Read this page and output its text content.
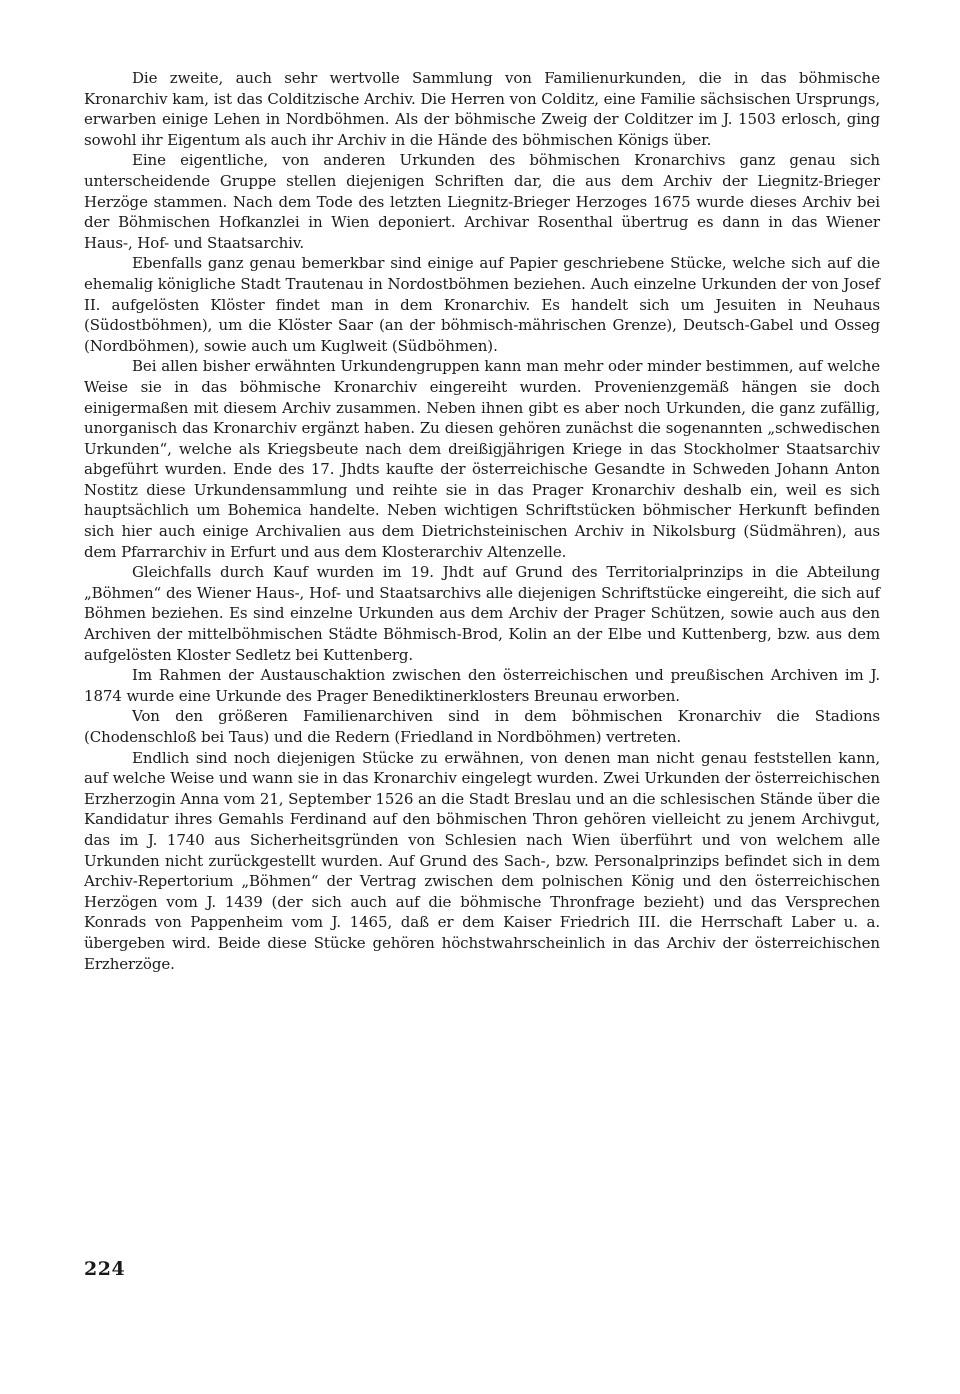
Die zweite, auch sehr wertvolle Sammlung von Familienurkunden, die in das böhmische Kronarchiv kam, ist das Colditzische Archiv. Die Herren von Colditz, eine Familie sächsischen Ursprungs, erwarben einige Lehen in Nordböhmen. Als der böhmische Zweig der Colditzer im J. 1503 erlosch, ging sowohl ihr Eigentum als auch ihr Archiv in die Hände des böhmischen Königs über.

Eine eigentliche, von anderen Urkunden des böhmischen Kronarchivs ganz genau sich unterscheidende Gruppe stellen diejenigen Schriften dar, die aus dem Archiv der Liegnitz-Brieger Herzöge stammen. Nach dem Tode des letzten Liegnitz-Brieger Herzoges 1675 wurde dieses Archiv bei der Böhmischen Hofkanzlei in Wien deponiert. Archivar Rosenthal übertrug es dann in das Wiener Haus-, Hof- und Staatsarchiv.

Ebenfalls ganz genau bemerkbar sind einige auf Papier geschriebene Stücke, welche sich auf die ehemalig königliche Stadt Trautenau in Nordostböhmen beziehen. Auch einzelne Urkunden der von Josef II. aufgelösten Klöster findet man in dem Kronarchiv. Es handelt sich um Jesuiten in Neuhaus (Südostböhmen), um die Klöster Saar (an der böhmisch-mährischen Grenze), Deutsch-Gabel und Osseg (Nordböhmen), sowie auch um Kuglweit (Südböhmen).

Bei allen bisher erwähnten Urkundengruppen kann man mehr oder minder bestimmen, auf welche Weise sie in das böhmische Kronarchiv eingereiht wurden. Provenienzgemäß hängen sie doch einigermaßen mit diesem Archiv zusammen. Neben ihnen gibt es aber noch Urkunden, die ganz zufällig, unorganisch das Kronarchiv ergänzt haben. Zu diesen gehören zunächst die sogenannten „schwedischen Urkunden“, welche als Kriegsbeute nach dem dreißigjährigen Kriege in das Stockholmer Staatsarchiv abgeführt wurden. Ende des 17. Jhdts kaufte der österreichische Gesandte in Schweden Johann Anton Nostitz diese Urkundensammlung und reihte sie in das Prager Kronarchiv deshalb ein, weil es sich hauptsächlich um Bohemica handelte. Neben wichtigen Schriftstücken böhmischer Herkunft befinden sich hier auch einige Archivalien aus dem Dietrichsteinischen Archiv in Nikolsburg (Südmähren), aus dem Pfarrarchiv in Erfurt und aus dem Klosterarchiv Altenzelle.

Gleichfalls durch Kauf wurden im 19. Jhdt auf Grund des Territorialprinzips in die Abteilung „Böhmen“ des Wiener Haus-, Hof- und Staatsarchivs alle diejenigen Schriftstücke eingereiht, die sich auf Böhmen beziehen. Es sind einzelne Urkunden aus dem Archiv der Prager Schützen, sowie auch aus den Archiven der mittelböhmischen Städte Böhmisch-Brod, Kolin an der Elbe und Kuttenberg, bzw. aus dem aufgelösten Kloster Sedletz bei Kuttenberg.

Im Rahmen der Austauschaktion zwischen den österreichischen und preußischen Archiven im J. 1874 wurde eine Urkunde des Prager Benediktinerklosters Breunau erworben.

Von den größeren Familienarchiven sind in dem böhmischen Kronarchiv die Stadions (Chodenschloß bei Taus) und die Redern (Friedland in Nordböhmen) vertreten.

Endlich sind noch diejenigen Stücke zu erwähnen, von denen man nicht genau feststellen kann, auf welche Weise und wann sie in das Kronarchiv eingelegt wurden. Zwei Urkunden der österreichischen Erzherzogin Anna vom 21, September 1526 an die Stadt Breslau und an die schlesischen Stände über die Kandidatur ihres Gemahls Ferdinand auf den böhmischen Thron gehören vielleicht zu jenem Archivgut, das im J. 1740 aus Sicherheitsgründen von Schlesien nach Wien überführt und von welchem alle Urkunden nicht zurückgestellt wurden. Auf Grund des Sach-, bzw. Personalprinzips befindet sich in dem Archiv-Repertorium „Böhmen“ der Vertrag zwischen dem polnischen König und den österreichischen Herzögen vom J. 1439 (der sich auch auf die böhmische Thronfrage bezieht) und das Versprechen Konrads von Pappenheim vom J. 1465, daß er dem Kaiser Friedrich III. die Herrschaft Laber u. a. übergeben wird. Beide diese Stücke gehören höchstwahrscheinlich in das Archiv der österreichischen Erzherzöge.

224
